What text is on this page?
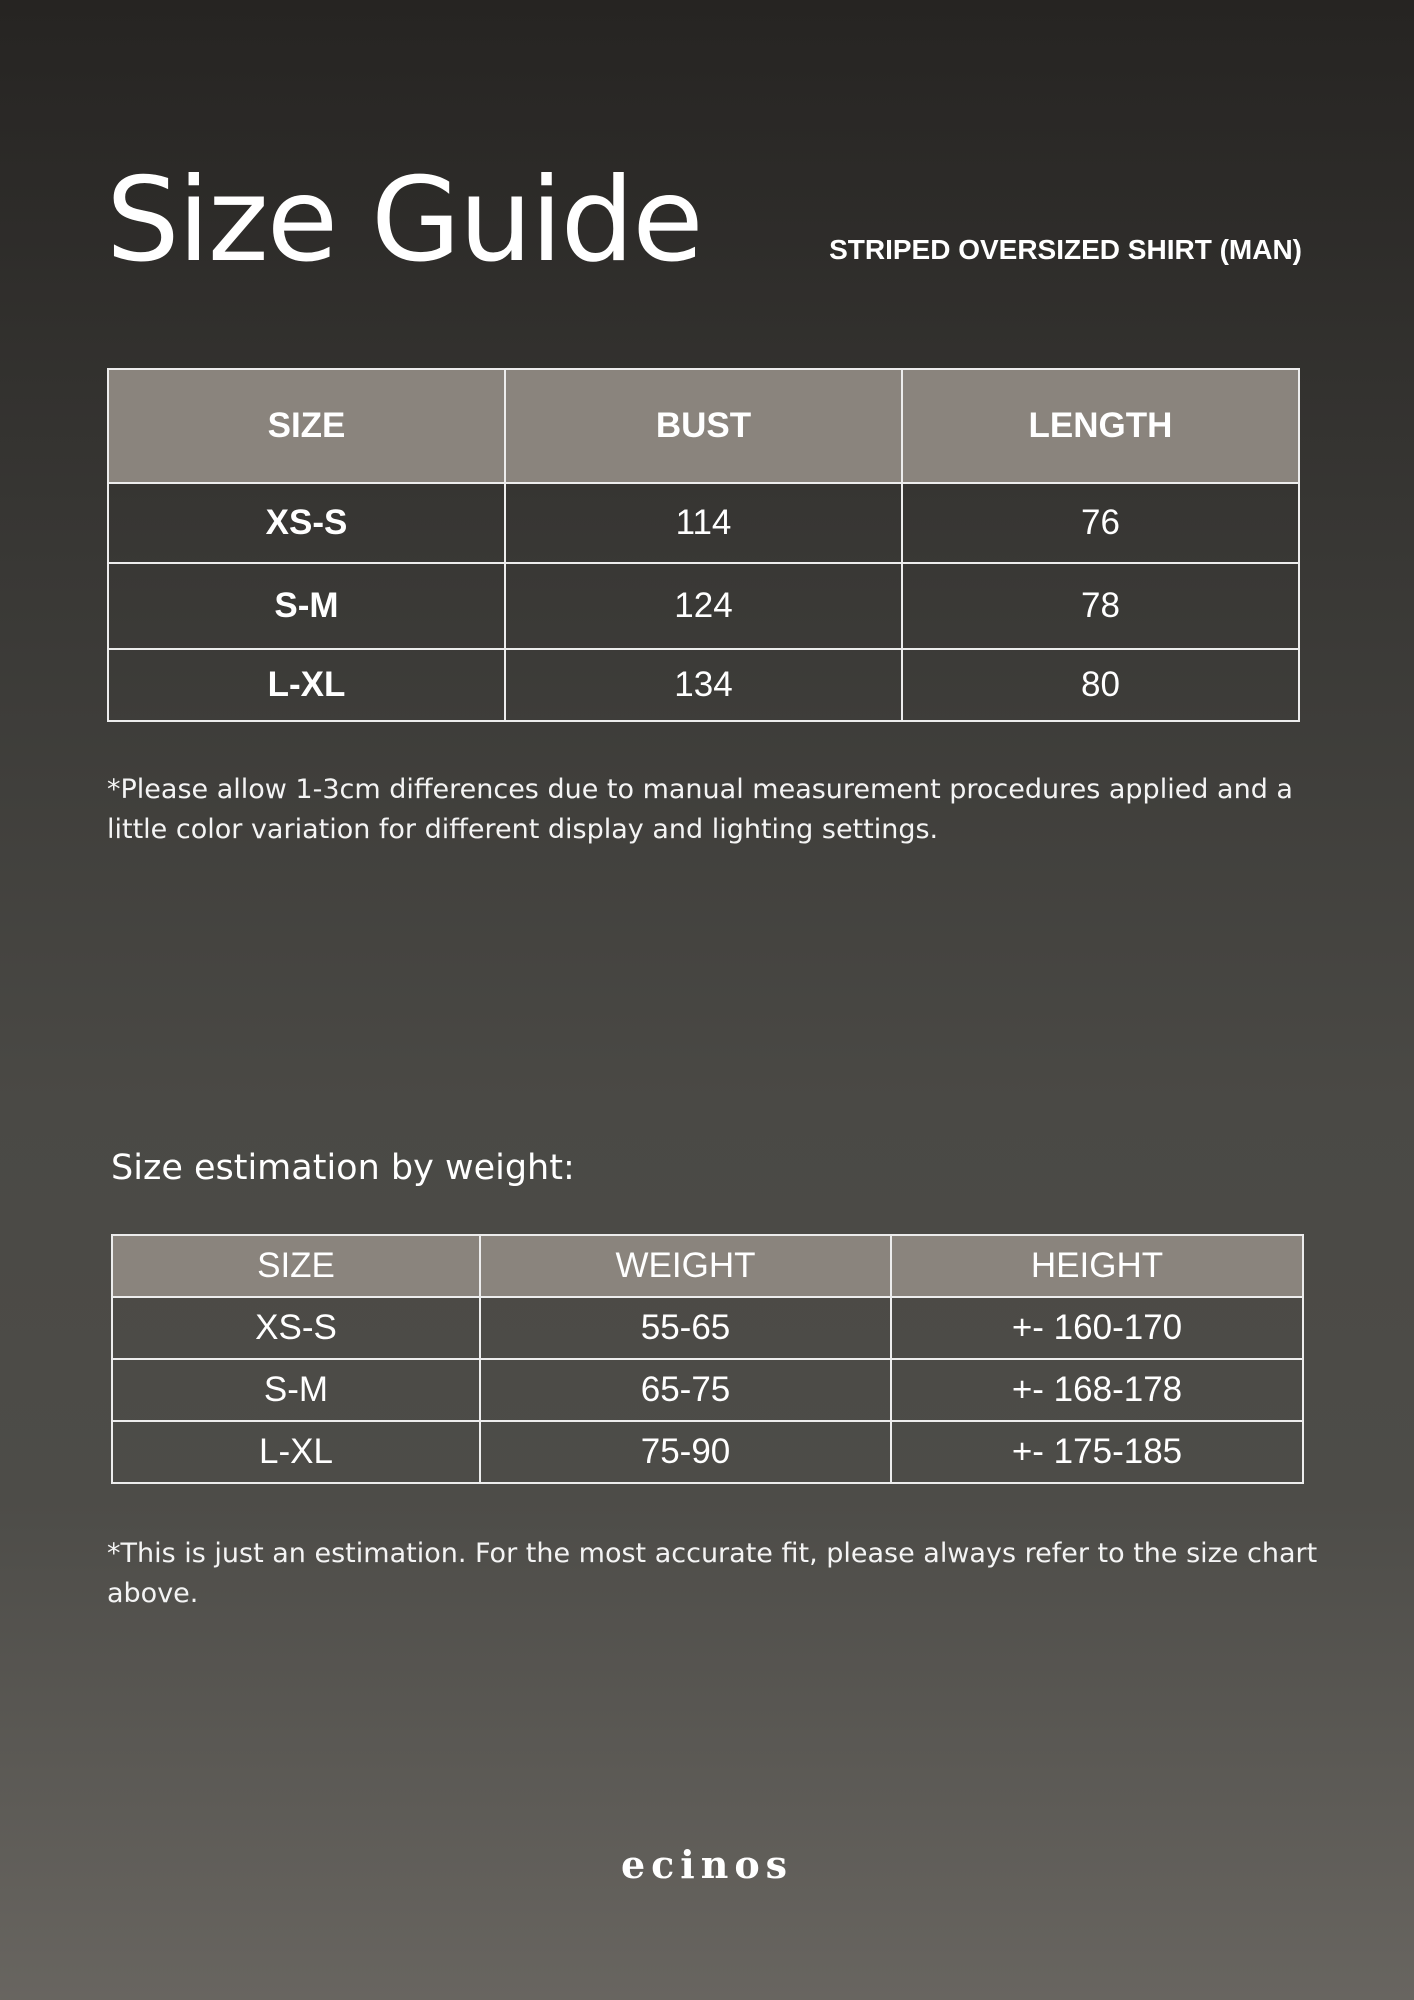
Size Guide	STRIPED OVERSIZED SHIRT (MAN)
SIZE	BUST	LENGTH
XS-S	114	76
S-M	124	78
L-XL	134	80
*Please allow 1-3cm differences due to manual measurement procedures applied and a little color variation for different display and lighting settings.
Size estimation by weight:
SIZE	WEIGHT	HEIGHT
XS-S	55-65	+- 160-170
S-M	65-75	+- 168-178
L-XL	75-90	+- 175-185
*This is just an estimation. For the most accurate fit, please always refer to the size chart above.
ecinos
